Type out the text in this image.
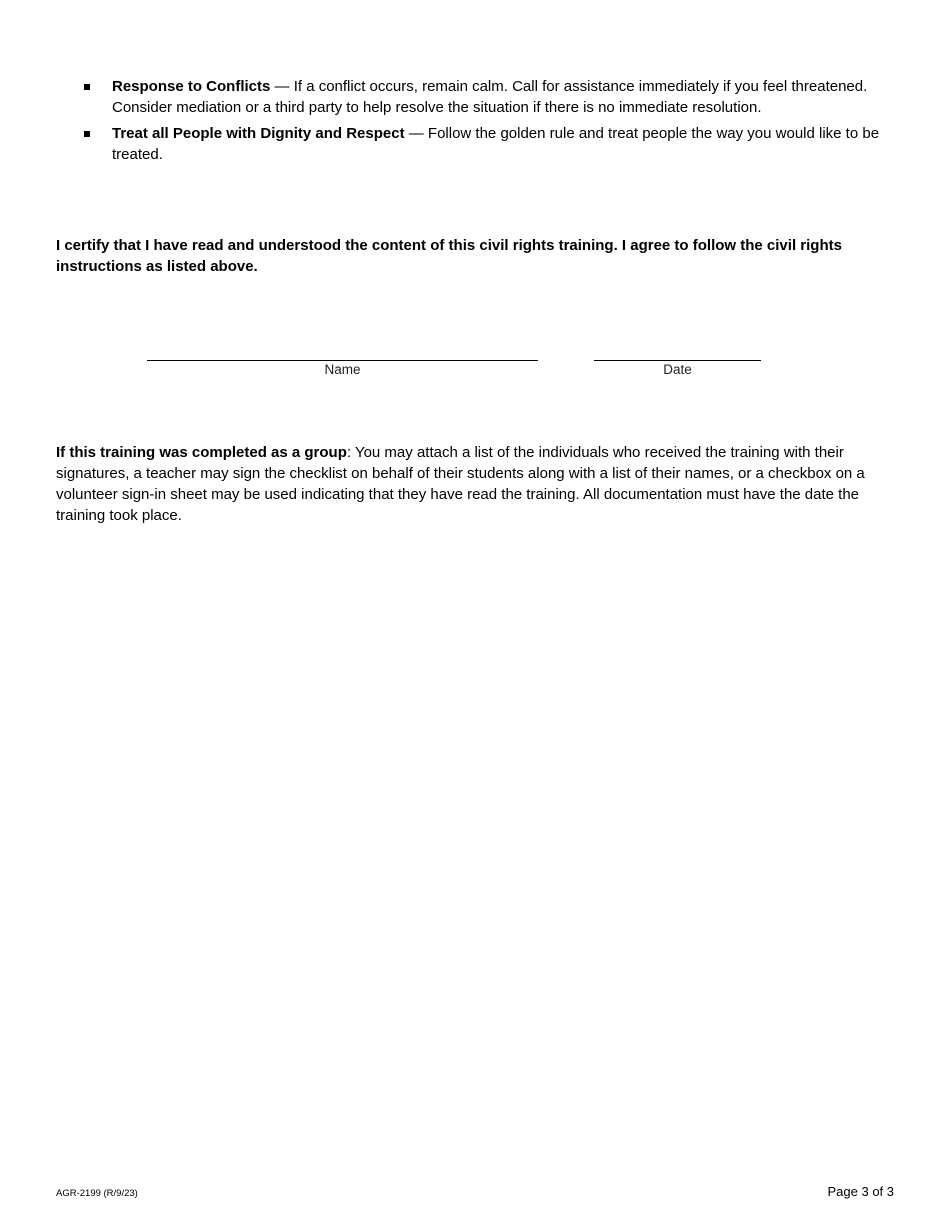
Response to Conflicts — If a conflict occurs, remain calm. Call for assistance immediately if you feel threatened. Consider mediation or a third party to help resolve the situation if there is no immediate resolution.
Treat all People with Dignity and Respect — Follow the golden rule and treat people the way you would like to be treated.

I certify that I have read and understood the content of this civil rights training. I agree to follow the civil rights instructions as listed above.

Name	Date

If this training was completed as a group: You may attach a list of the individuals who received the training with their signatures, a teacher may sign the checklist on behalf of their students along with a list of their names, or a checkbox on a volunteer sign-in sheet may be used indicating that they have read the training. All documentation must have the date the training took place.

AGR-2199 (R/9/23)	Page 3 of 3
